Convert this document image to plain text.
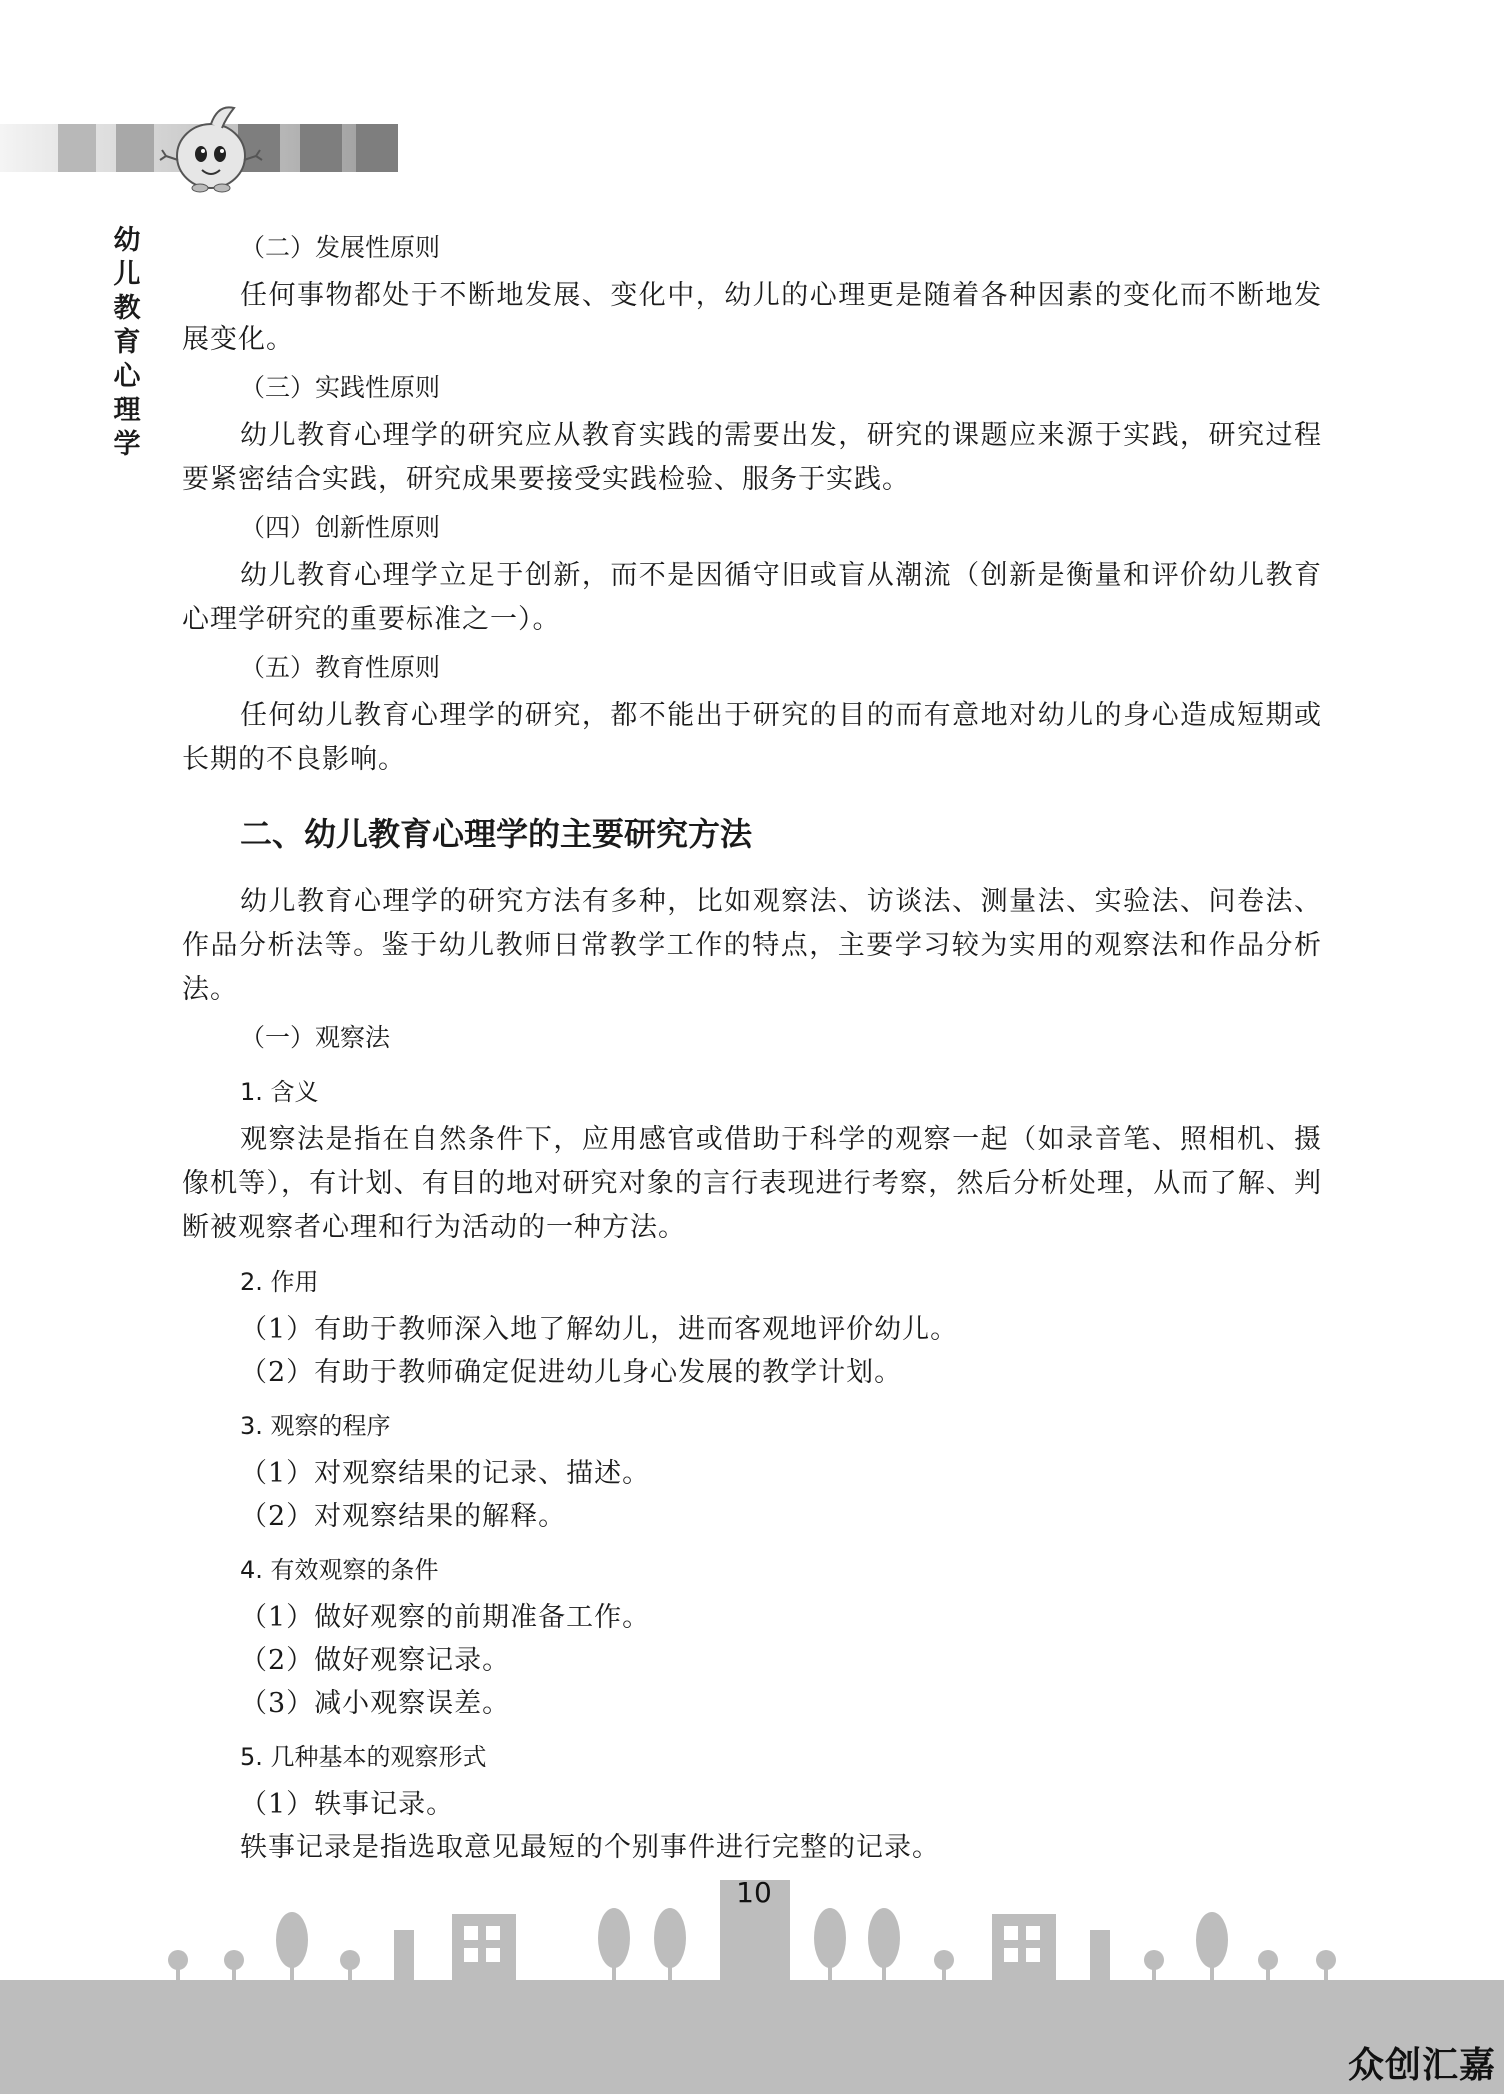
幼儿教育心理学
（二）发展性原则

任何事物都处于不断地发展、变化中，幼儿的心理更是随着各种因素的变化而不断地发展变化。

（三）实践性原则

幼儿教育心理学的研究应从教育实践的需要出发，研究的课题应来源于实践，研究过程要紧密结合实践，研究成果要接受实践检验、服务于实践。

（四）创新性原则

幼儿教育心理学立足于创新，而不是因循守旧或盲从潮流（创新是衡量和评价幼儿教育心理学研究的重要标准之一）。

（五）教育性原则

任何幼儿教育心理学的研究，都不能出于研究的目的而有意地对幼儿的身心造成短期或长期的不良影响。

二、幼儿教育心理学的主要研究方法

幼儿教育心理学的研究方法有多种，比如观察法、访谈法、测量法、实验法、问卷法、作品分析法等。鉴于幼儿教师日常教学工作的特点，主要学习较为实用的观察法和作品分析法。

（一）观察法
1. 含义

观察法是指在自然条件下，应用感官或借助于科学的观察一起（如录音笔、照相机、摄像机等），有计划、有目的地对研究对象的言行表现进行考察，然后分析处理，从而了解、判断被观察者心理和行为活动的一种方法。

2. 作用

（1）有助于教师深入地了解幼儿，进而客观地评价幼儿。

（2）有助于教师确定促进幼儿身心发展的教学计划。

3. 观察的程序

（1）对观察结果的记录、描述。

（2）对观察结果的解释。

4. 有效观察的条件

（1）做好观察的前期准备工作。

（2）做好观察记录。

（3）减小观察误差。

5. 几种基本的观察形式

（1）轶事记录。

轶事记录是指选取意见最短的个别事件进行完整的记录。

10
众创汇嘉
